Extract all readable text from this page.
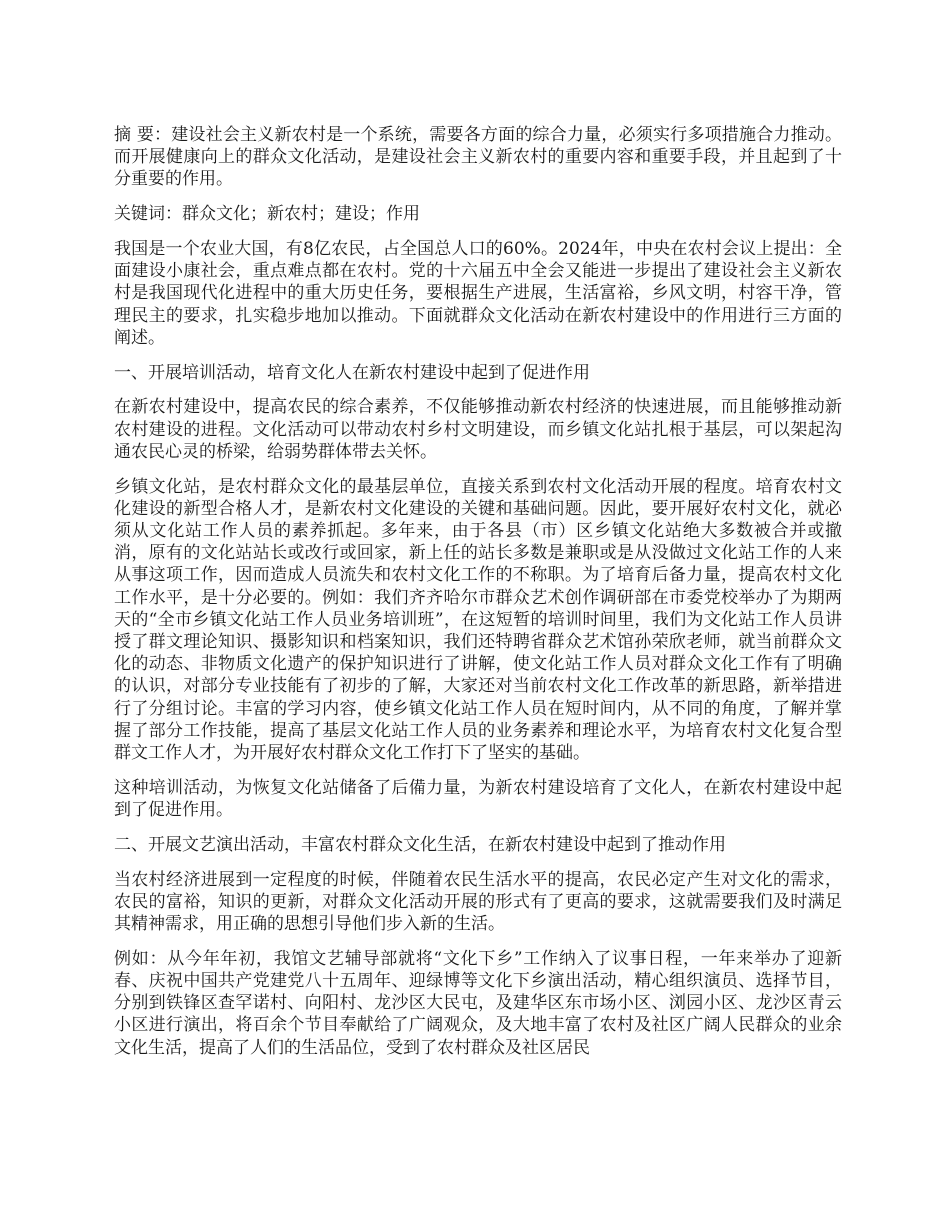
摘 要：建设社会主义新农村是一个系统，需要各方面的综合力量，必须实行多项措施合力推动。而开展健康向上的群众文化活动，是建设社会主义新农村的重要内容和重要手段，并且起到了十分重要的作用。

关键词：群众文化；新农村；建设；作用

我国是一个农业大国，有8亿农民，占全国总人口的60%。2024年，中央在农村会议上提出：全面建设小康社会，重点难点都在农村。党的十六届五中全会又能进一步提出了建设社会主义新农村是我国现代化进程中的重大历史任务，要根据生产进展，生活富裕，乡风文明，村容干净，管理民主的要求，扎实稳步地加以推动。下面就群众文化活动在新农村建设中的作用进行三方面的阐述。

一、开展培训活动，培育文化人在新农村建设中起到了促进作用

在新农村建设中，提高农民的综合素养，不仅能够推动新农村经济的快速进展，而且能够推动新农村建设的进程。文化活动可以带动农村乡村文明建设，而乡镇文化站扎根于基层，可以架起沟通农民心灵的桥梁，给弱势群体带去关怀。

乡镇文化站，是农村群众文化的最基层单位，直接关系到农村文化活动开展的程度。培育农村文化建设的新型合格人才，是新农村文化建设的关键和基础问题。因此，要开展好农村文化，就必须从文化站工作人员的素养抓起。多年来，由于各县（市）区乡镇文化站绝大多数被合并或撤消，原有的文化站站长或改行或回家，新上任的站长多数是兼职或是从没做过文化站工作的人来从事这项工作，因而造成人员流失和农村文化工作的不称职。为了培育后备力量，提高农村文化工作水平，是十分必要的。例如：我们齐齐哈尔市群众艺术创作调研部在市委党校举办了为期两天的“全市乡镇文化站工作人员业务培训班”，在这短暂的培训时间里，我们为文化站工作人员讲授了群文理论知识、摄影知识和档案知识，我们还特聘省群众艺术馆孙荣欣老师，就当前群众文化的动态、非物质文化遗产的保护知识进行了讲解，使文化站工作人员对群众文化工作有了明确的认识，对部分专业技能有了初步的了解，大家还对当前农村文化工作改革的新思路，新举措进行了分组讨论。丰富的学习内容，使乡镇文化站工作人员在短时间内，从不同的角度，了解并掌握了部分工作技能，提高了基层文化站工作人员的业务素养和理论水平，为培育农村文化复合型群文工作人才，为开展好农村群众文化工作打下了坚实的基础。

这种培训活动，为恢复文化站储备了后備力量，为新农村建设培育了文化人，在新农村建设中起到了促进作用。

二、开展文艺演出活动，丰富农村群众文化生活，在新农村建设中起到了推动作用

当农村经济进展到一定程度的时候，伴随着农民生活水平的提高，农民必定产生对文化的需求，农民的富裕，知识的更新，对群众文化活动开展的形式有了更高的要求，这就需要我们及时满足其精神需求，用正确的思想引导他们步入新的生活。

例如：从今年年初，我馆文艺辅导部就将“文化下乡”工作纳入了议事日程，一年来举办了迎新春、庆祝中国共产党建党八十五周年、迎绿博等文化下乡演出活动，精心组织演员、选择节目，分别到铁锋区查罕诺村、向阳村、龙沙区大民屯，及建华区东市场小区、浏园小区、龙沙区青云小区进行演出，将百余个节目奉献给了广阔观众，及大地丰富了农村及社区广阔人民群众的业余文化生活，提高了人们的生活品位，受到了农村群众及社区居民
